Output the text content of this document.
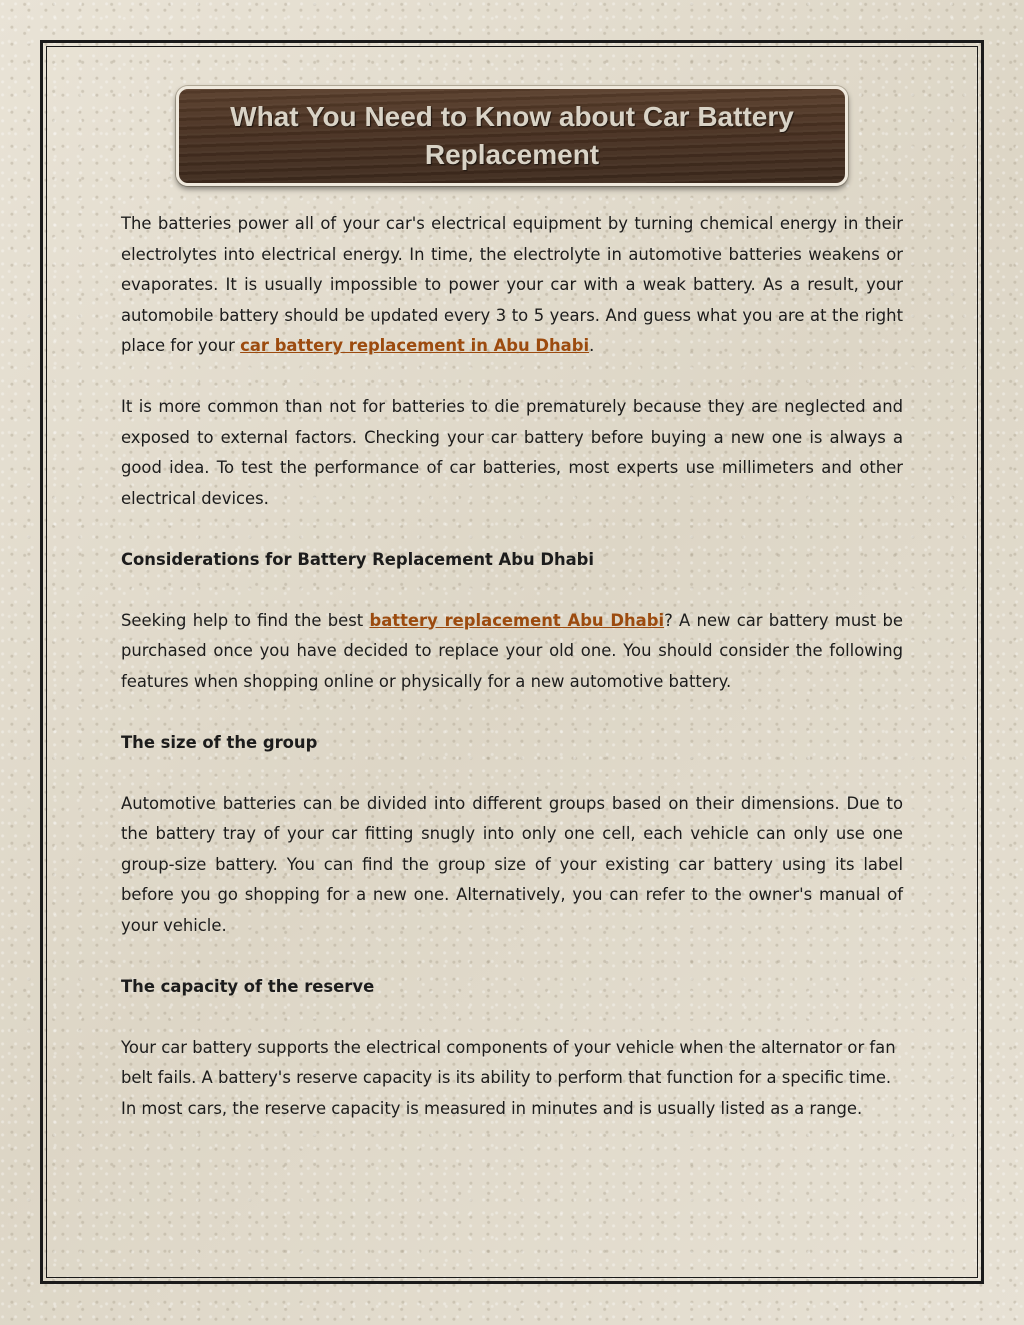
What You Need to Know about Car Battery Replacement

The batteries power all of your car's electrical equipment by turning chemical energy in their electrolytes into electrical energy. In time, the electrolyte in automotive batteries weakens or evaporates. It is usually impossible to power your car with a weak battery. As a result, your automobile battery should be updated every 3 to 5 years. And guess what you are at the right place for your car battery replacement in Abu Dhabi.

It is more common than not for batteries to die prematurely because they are neglected and exposed to external factors. Checking your car battery before buying a new one is always a good idea. To test the performance of car batteries, most experts use millimeters and other electrical devices.

Considerations for Battery Replacement Abu Dhabi

Seeking help to find the best battery replacement Abu Dhabi? A new car battery must be purchased once you have decided to replace your old one. You should consider the following features when shopping online or physically for a new automotive battery.

The size of the group

Automotive batteries can be divided into different groups based on their dimensions. Due to the battery tray of your car fitting snugly into only one cell, each vehicle can only use one group-size battery. You can find the group size of your existing car battery using its label before you go shopping for a new one. Alternatively, you can refer to the owner's manual of your vehicle.

The capacity of the reserve

Your car battery supports the electrical components of your vehicle when the alternator or fan belt fails. A battery's reserve capacity is its ability to perform that function for a specific time. In most cars, the reserve capacity is measured in minutes and is usually listed as a range.
